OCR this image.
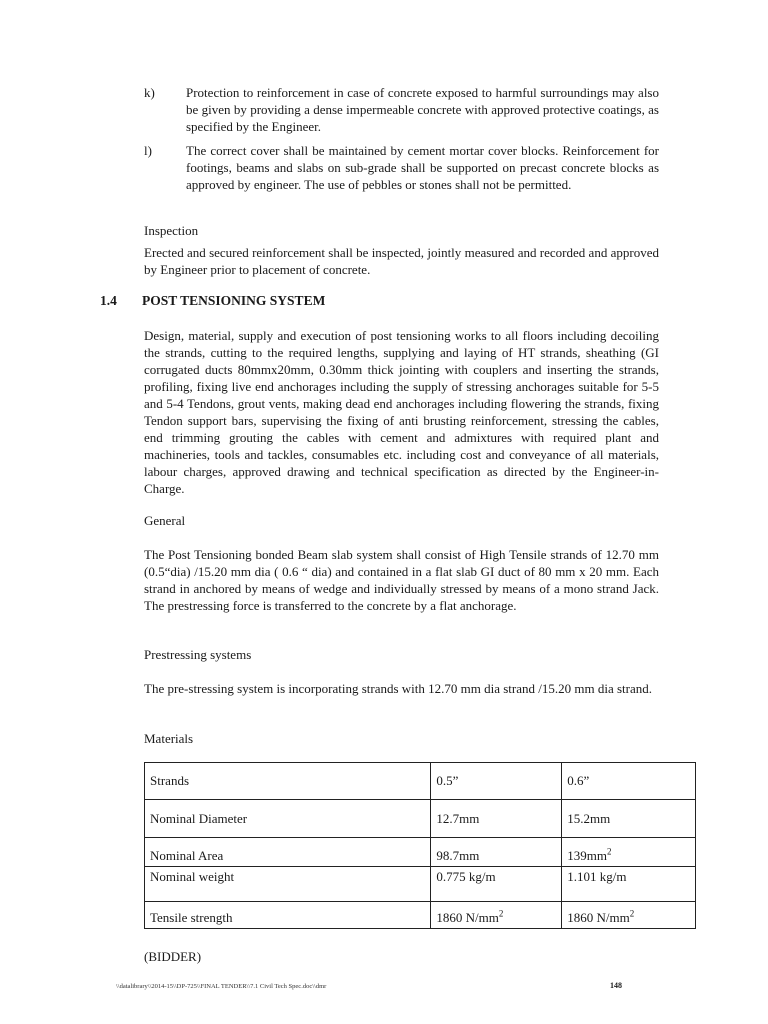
k)	Protection to reinforcement in case of concrete exposed to harmful surroundings may also be given by providing a dense impermeable concrete with approved protective coatings, as specified by the Engineer.
l)	The correct cover shall be maintained by cement mortar cover blocks. Reinforcement for footings, beams and slabs on sub-grade shall be supported on precast concrete blocks as approved by engineer. The use of pebbles or stones shall not be permitted.
Inspection
Erected and secured reinforcement shall be inspected, jointly measured and recorded and approved by Engineer prior to placement of concrete.
1.4 POST TENSIONING SYSTEM
Design, material, supply and execution of post tensioning works to all floors including decoiling the strands, cutting to the required lengths, supplying and laying of HT strands, sheathing (GI corrugated ducts 80mmx20mm, 0.30mm thick jointing with couplers and inserting the strands, profiling, fixing live end anchorages including the supply of stressing anchorages suitable for 5-5 and 5-4 Tendons, grout vents, making dead end anchorages including flowering the strands, fixing Tendon support bars, supervising the fixing of anti brusting reinforcement, stressing the cables, end trimming grouting the cables with cement and admixtures with required plant and machineries, tools and tackles, consumables etc. including cost and conveyance of all materials, labour charges, approved drawing and technical specification as directed by the Engineer-in-Charge.
General
The Post Tensioning bonded Beam slab system shall consist of High Tensile strands of 12.70 mm (0.5“dia) /15.20 mm dia ( 0.6 “ dia) and contained in a flat slab GI duct of 80 mm x 20 mm. Each strand in anchored by means of wedge and individually stressed by means of a mono strand Jack. The prestressing force is transferred to the concrete by a flat anchorage.
Prestressing systems
The pre-stressing system is incorporating strands with 12.70 mm dia strand /15.20 mm dia strand.
Materials
Strands	0.5”	0.6”
Nominal Diameter	12.7mm	15.2mm
Nominal Area	98.7mm	$139mm^2$
Nominal weight	0.775 kg/m	1.101 kg/m
Tensile strength	1860 $N/mm^2$	1860 $N/mm^2$
(BIDDER)
\\datalibrary\\2014-15\\DP-725\\FINAL TENDER\\7.1 Civil Tech Spec.doc\\dmr	148
